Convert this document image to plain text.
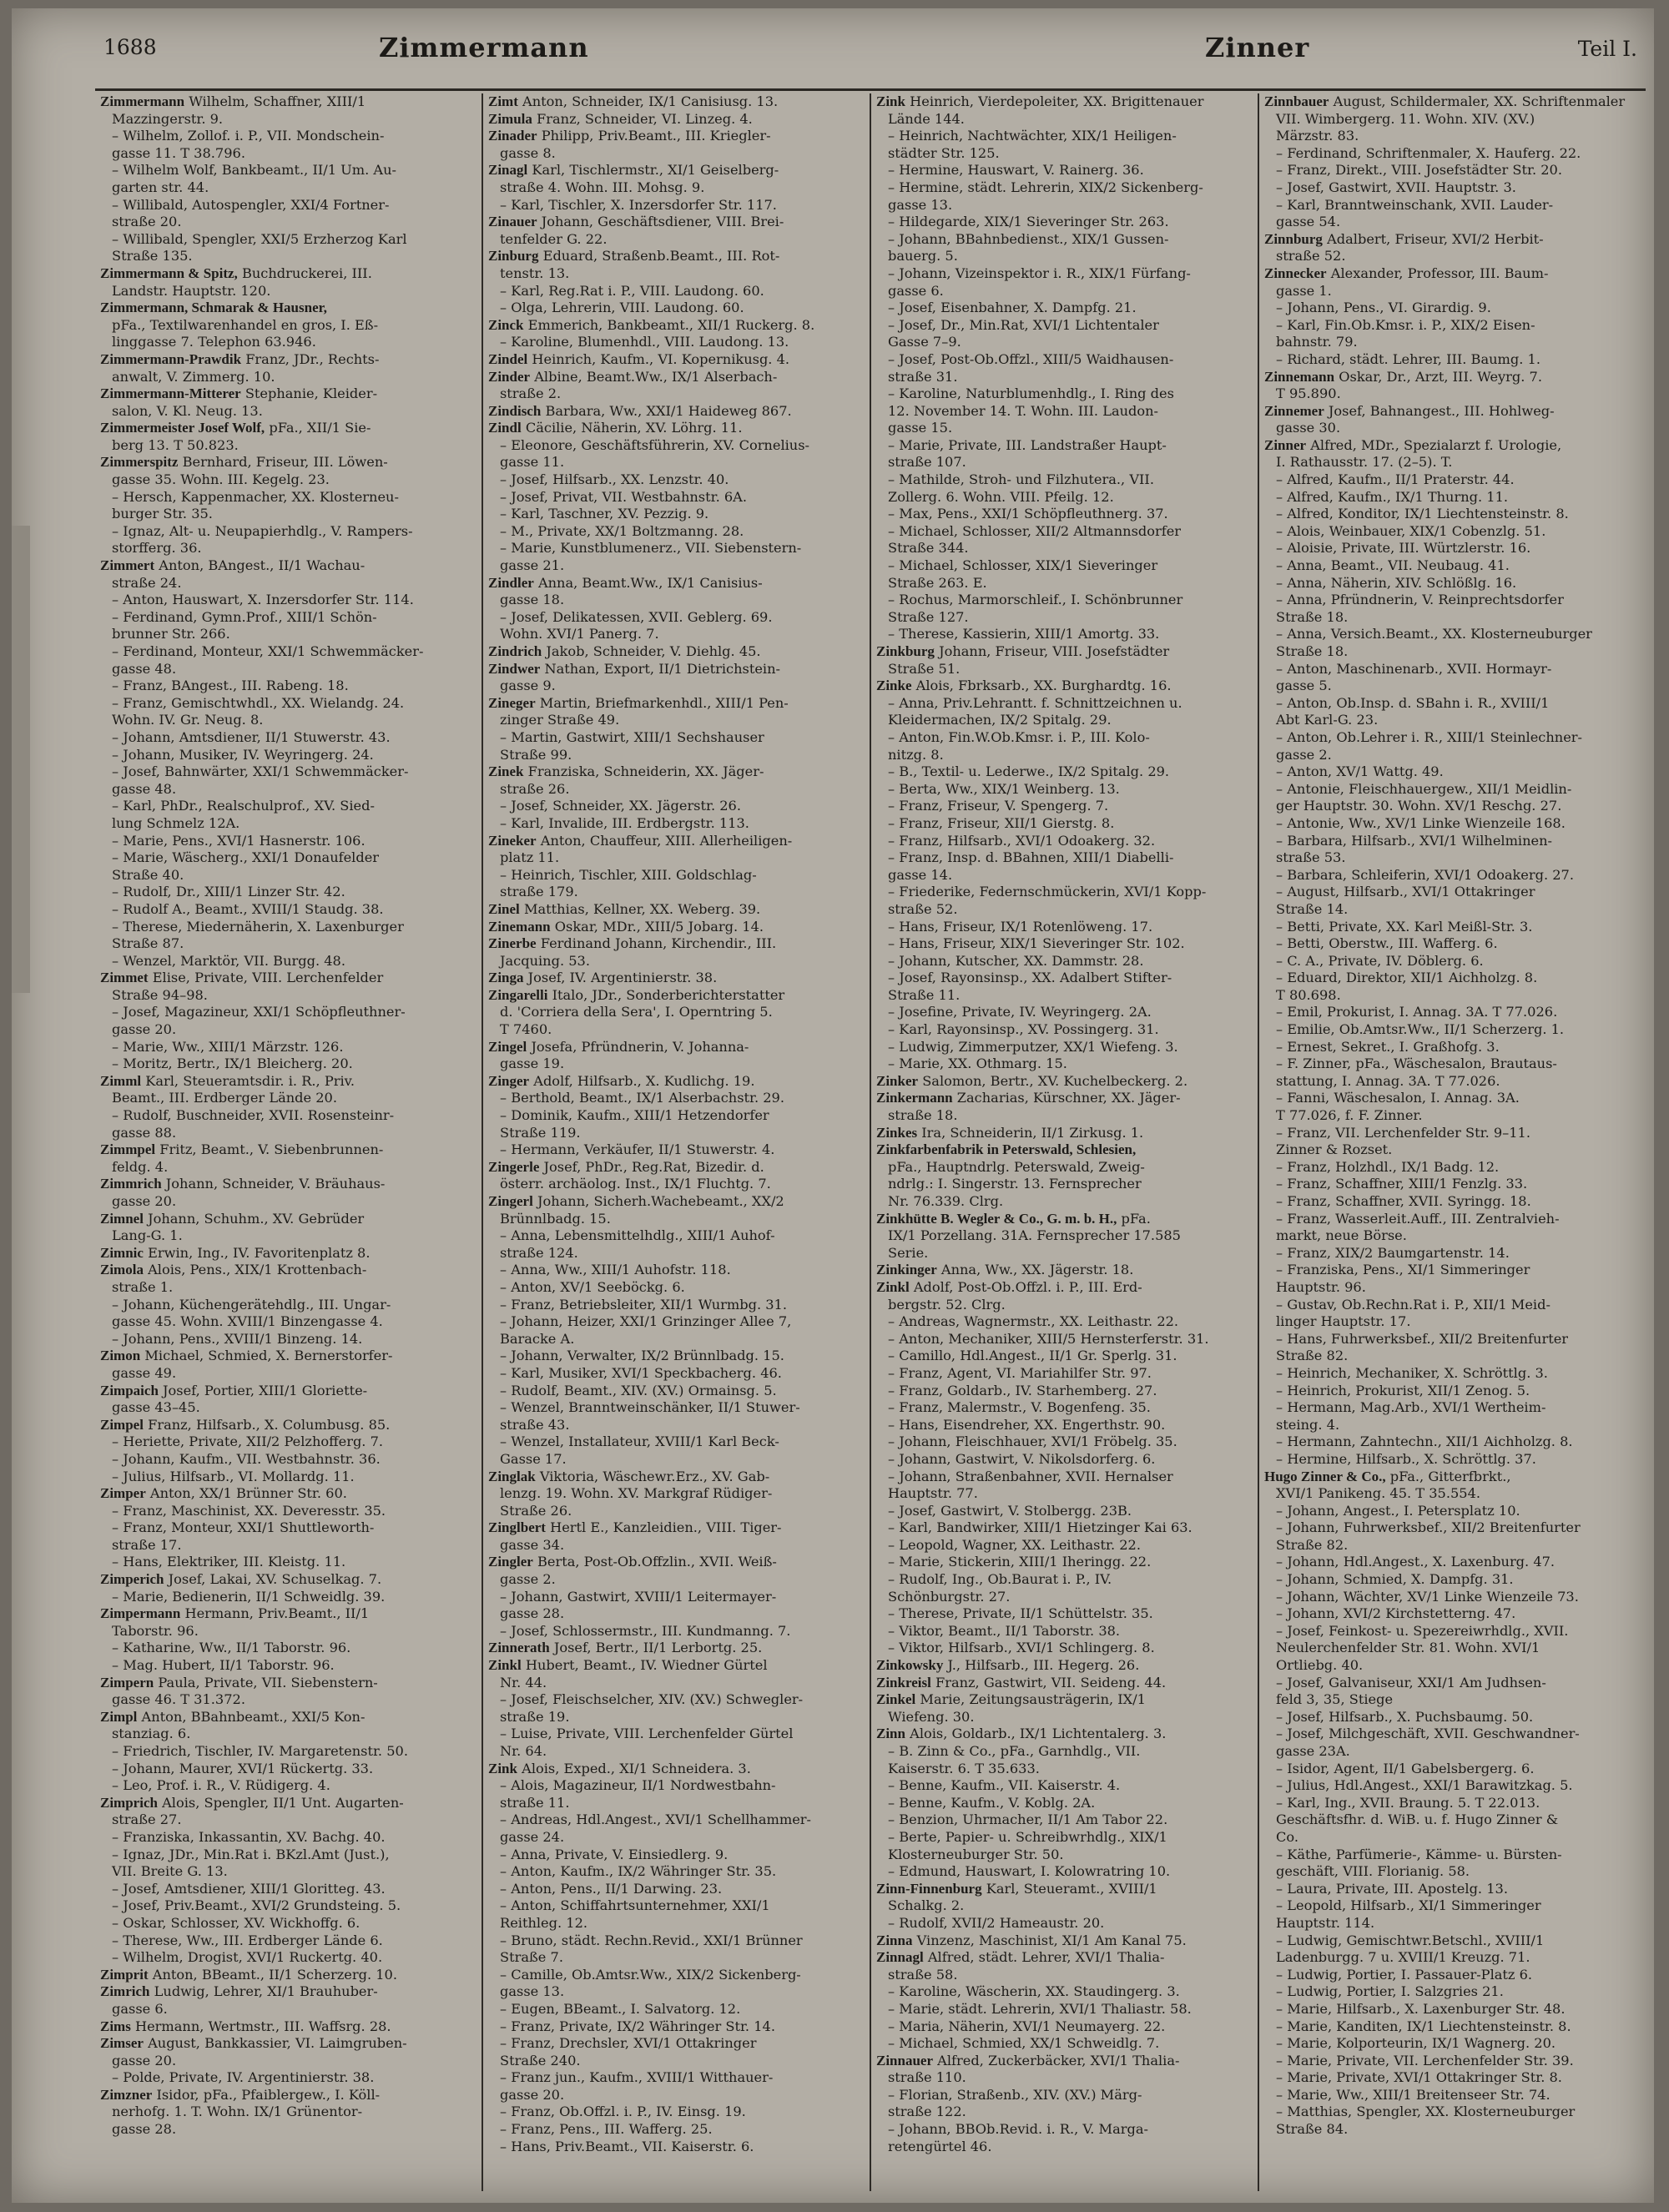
1688	Zimmermann	Zinner	Teil I.
Zimmermann Wilhelm, Schaffner, XIII/1
Mazzingerstr. 9.
– Wilhelm, Zollof. i. P., VII. Mondschein-
gasse 11. T 38.796.
– Wilhelm Wolf, Bankbeamt., II/1 Um. Au-
garten str. 44.
– Willibald, Autospengler, XXI/4 Fortner-
straße 20.
– Willibald, Spengler, XXI/5 Erzherzog Karl
Straße 135.
Zimmermann & Spitz, Buchdruckerei, III.
Landstr. Hauptstr. 120.
Zimmermann, Schmarak & Hausner,
pFa., Textilwarenhandel en gros, I. Eß-
linggasse 7. Telephon 63.946.
Zimmermann-Prawdik Franz, JDr., Rechts-
anwalt, V. Zimmerg. 10.
Zimmermann-Mitterer Stephanie, Kleider-
salon, V. Kl. Neug. 13.
Zimmermeister Josef Wolf, pFa., XII/1 Sie-
berg 13. T 50.823.
Zimmerspitz Bernhard, Friseur, III. Löwen-
gasse 35. Wohn. III. Kegelg. 23.
– Hersch, Kappenmacher, XX. Klosterneu-
burger Str. 35.
– Ignaz, Alt- u. Neupapierhdlg., V. Rampers-
storfferg. 36.
Zimmert Anton, BAngest., II/1 Wachau-
straße 24.
– Anton, Hauswart, X. Inzersdorfer Str. 114.
– Ferdinand, Gymn.Prof., XIII/1 Schön-
brunner Str. 266.
– Ferdinand, Monteur, XXI/1 Schwemmäcker-
gasse 48.
– Franz, BAngest., III. Rabeng. 18.
– Franz, Gemischtwhdl., XX. Wielandg. 24.
Wohn. IV. Gr. Neug. 8.
– Johann, Amtsdiener, II/1 Stuwerstr. 43.
– Johann, Musiker, IV. Weyringerg. 24.
– Josef, Bahnwärter, XXI/1 Schwemmäcker-
gasse 48.
– Karl, PhDr., Realschulprof., XV. Sied-
lung Schmelz 12A.
– Marie, Pens., XVI/1 Hasnerstr. 106.
– Marie, Wäscherg., XXI/1 Donaufelder
Straße 40.
– Rudolf, Dr., XIII/1 Linzer Str. 42.
– Rudolf A., Beamt., XVIII/1 Staudg. 38.
– Therese, Miedernäherin, X. Laxenburger
Straße 87.
– Wenzel, Marktör, VII. Burgg. 48.
Zimmet Elise, Private, VIII. Lerchenfelder
Straße 94–98.
– Josef, Magazineur, XXI/1 Schöpfleuthner-
gasse 20.
– Marie, Ww., XIII/1 Märzstr. 126.
– Moritz, Bertr., IX/1 Bleicherg. 20.
Zimml Karl, Steueramtsdir. i. R., Priv.
Beamt., III. Erdberger Lände 20.
– Rudolf, Buschneider, XVII. Rosensteinr-
gasse 88.
Zimmpel Fritz, Beamt., V. Siebenbrunnen-
feldg. 4.
Zimmrich Johann, Schneider, V. Bräuhaus-
gasse 20.
Zimnel Johann, Schuhm., XV. Gebrüder
Lang-G. 1.
Zimnic Erwin, Ing., IV. Favoritenplatz 8.
Zimola Alois, Pens., XIX/1 Krottenbach-
straße 1.
– Johann, Küchengerätehdlg., III. Ungar-
gasse 45. Wohn. XVIII/1 Binzengasse 4.
– Johann, Pens., XVIII/1 Binzeng. 14.
Zimon Michael, Schmied, X. Bernerstorfer-
gasse 49.
Zimpaich Josef, Portier, XIII/1 Gloriette-
gasse 43–45.
Zimpel Franz, Hilfsarb., X. Columbusg. 85.
– Heriette, Private, XII/2 Pelzhofferg. 7.
– Johann, Kaufm., VII. Westbahnstr. 36.
– Julius, Hilfsarb., VI. Mollardg. 11.
Zimper Anton, XX/1 Brünner Str. 60.
– Franz, Maschinist, XX. Deveresstr. 35.
– Franz, Monteur, XXI/1 Shuttleworth-
straße 17.
– Hans, Elektriker, III. Kleistg. 11.
Zimperich Josef, Lakai, XV. Schuselkag. 7.
– Marie, Bedienerin, II/1 Schweidlg. 39.
Zimpermann Hermann, Priv.Beamt., II/1
Taborstr. 96.
– Katharine, Ww., II/1 Taborstr. 96.
– Mag. Hubert, II/1 Taborstr. 96.
Zimpern Paula, Private, VII. Siebenstern-
gasse 46. T 31.372.
Zimpl Anton, BBahnbeamt., XXI/5 Kon-
stanziag. 6.
– Friedrich, Tischler, IV. Margaretenstr. 50.
– Johann, Maurer, XVI/1 Rückertg. 33.
– Leo, Prof. i. R., V. Rüdigerg. 4.
Zimprich Alois, Spengler, II/1 Unt. Augarten-
straße 27.
– Franziska, Inkassantin, XV. Bachg. 40.
– Ignaz, JDr., Min.Rat i. BKzl.Amt (Just.),
VII. Breite G. 13.
– Josef, Amtsdiener, XIII/1 Gloritteg. 43.
– Josef, Priv.Beamt., XVI/2 Grundsteing. 5.
– Oskar, Schlosser, XV. Wickhoffg. 6.
– Therese, Ww., III. Erdberger Lände 6.
– Wilhelm, Drogist, XVI/1 Ruckertg. 40.
Zimprit Anton, BBeamt., II/1 Scherzerg. 10.
Zimrich Ludwig, Lehrer, XI/1 Brauhuber-
gasse 6.
Zims Hermann, Wertmstr., III. Waffsrg. 28.
Zimser August, Bankkassier, VI. Laimgruben-
gasse 20.
– Polde, Private, IV. Argentinierstr. 38.
Zimzner Isidor, pFa., Pfaiblergew., I. Köll-
nerhofg. 1. T. Wohn. IX/1 Grünentor-
gasse 28.
Zimt Anton, Schneider, IX/1 Canisiusg. 13.
Zimula Franz, Schneider, VI. Linzeg. 4.
Zinader Philipp, Priv.Beamt., III. Kriegler-
gasse 8.
Zinagl Karl, Tischlermstr., XI/1 Geiselberg-
straße 4. Wohn. III. Mohsg. 9.
– Karl, Tischler, X. Inzersdorfer Str. 117.
Zinauer Johann, Geschäftsdiener, VIII. Brei-
tenfelder G. 22.
Zinburg Eduard, Straßenb.Beamt., III. Rot-
tenstr. 13.
– Karl, Reg.Rat i. P., VIII. Laudong. 60.
– Olga, Lehrerin, VIII. Laudong. 60.
Zinck Emmerich, Bankbeamt., XII/1 Ruckerg. 8.
– Karoline, Blumenhdl., VIII. Laudong. 13.
Zindel Heinrich, Kaufm., VI. Kopernikusg. 4.
Zinder Albine, Beamt.Ww., IX/1 Alserbach-
straße 2.
Zindisch Barbara, Ww., XXI/1 Haideweg 867.
Zindl Cäcilie, Näherin, XV. Löhrg. 11.
– Eleonore, Geschäftsführerin, XV. Cornelius-
gasse 11.
– Josef, Hilfsarb., XX. Lenzstr. 40.
– Josef, Privat, VII. Westbahnstr. 6A.
– Karl, Taschner, XV. Pezzig. 9.
– M., Private, XX/1 Boltzmanng. 28.
– Marie, Kunstblumenerz., VII. Siebenstern-
gasse 21.
Zindler Anna, Beamt.Ww., IX/1 Canisius-
gasse 18.
– Josef, Delikatessen, XVII. Geblerg. 69.
Wohn. XVI/1 Panerg. 7.
Zindrich Jakob, Schneider, V. Diehlg. 45.
Zindwer Nathan, Export, II/1 Dietrichstein-
gasse 9.
Zineger Martin, Briefmarkenhdl., XIII/1 Pen-
zinger Straße 49.
– Martin, Gastwirt, XIII/1 Sechshauser
Straße 99.
Zinek Franziska, Schneiderin, XX. Jäger-
straße 26.
– Josef, Schneider, XX. Jägerstr. 26.
– Karl, Invalide, III. Erdbergstr. 113.
Zineker Anton, Chauffeur, XIII. Allerheiligen-
platz 11.
– Heinrich, Tischler, XIII. Goldschlag-
straße 179.
Zinel Matthias, Kellner, XX. Weberg. 39.
Zinemann Oskar, MDr., XIII/5 Jobarg. 14.
Zinerbe Ferdinand Johann, Kirchendir., III.
Jacquing. 53.
Zinga Josef, IV. Argentinierstr. 38.
Zingarelli Italo, JDr., Sonderberichterstatter
d. 'Corriera della Sera', I. Operntring 5.
T 7460.
Zingel Josefa, Pfründnerin, V. Johanna-
gasse 19.
Zinger Adolf, Hilfsarb., X. Kudlichg. 19.
– Berthold, Beamt., IX/1 Alserbachstr. 29.
– Dominik, Kaufm., XIII/1 Hetzendorfer
Straße 119.
– Hermann, Verkäufer, II/1 Stuwerstr. 4.
Zingerle Josef, PhDr., Reg.Rat, Bizedir. d.
österr. archäolog. Inst., IX/1 Fluchtg. 7.
Zingerl Johann, Sicherh.Wachebeamt., XX/2
Brünnlbadg. 15.
– Anna, Lebensmittelhdlg., XIII/1 Auhof-
straße 124.
– Anna, Ww., XIII/1 Auhofstr. 118.
– Anton, XV/1 Seeböckg. 6.
– Franz, Betriebsleiter, XII/1 Wurmbg. 31.
– Johann, Heizer, XXI/1 Grinzinger Allee 7,
Baracke A.
– Johann, Verwalter, IX/2 Brünnlbadg. 15.
– Karl, Musiker, XVI/1 Speckbacherg. 46.
– Rudolf, Beamt., XIV. (XV.) Ormainsg. 5.
– Wenzel, Branntweinschänker, II/1 Stuwer-
straße 43.
– Wenzel, Installateur, XVIII/1 Karl Beck-
Gasse 17.
Zinglak Viktoria, Wäschewr.Erz., XV. Gab-
lenzg. 19. Wohn. XV. Markgraf Rüdiger-
Straße 26.
Zinglbert Hertl E., Kanzleidien., VIII. Tiger-
gasse 34.
Zingler Berta, Post-Ob.Offzlin., XVII. Weiß-
gasse 2.
– Johann, Gastwirt, XVIII/1 Leitermayer-
gasse 28.
– Josef, Schlossermstr., III. Kundmanng. 7.
Zinnerath Josef, Bertr., II/1 Lerbortg. 25.
Zinkl Hubert, Beamt., IV. Wiedner Gürtel
Nr. 44.
– Josef, Fleischselcher, XIV. (XV.) Schwegler-
straße 19.
– Luise, Private, VIII. Lerchenfelder Gürtel
Nr. 64.
Zink Alois, Exped., XI/1 Schneidera. 3.
– Alois, Magazineur, II/1 Nordwestbahn-
straße 11.
– Andreas, Hdl.Angest., XVI/1 Schellhammer-
gasse 24.
– Anna, Private, V. Einsiedlerg. 9.
– Anton, Kaufm., IX/2 Währinger Str. 35.
– Anton, Pens., II/1 Darwing. 23.
– Anton, Schiffahrtsunternehmer, XXI/1
Reithleg. 12.
– Bruno, städt. Rechn.Revid., XXI/1 Brünner
Straße 7.
– Camille, Ob.Amtsr.Ww., XIX/2 Sickenberg-
gasse 13.
– Eugen, BBeamt., I. Salvatorg. 12.
– Franz, Private, IX/2 Währinger Str. 14.
– Franz, Drechsler, XVI/1 Ottakringer
Straße 240.
– Franz jun., Kaufm., XVIII/1 Witthauer-
gasse 20.
– Franz, Ob.Offzl. i. P., IV. Einsg. 19.
– Franz, Pens., III. Wafferg. 25.
– Hans, Priv.Beamt., VII. Kaiserstr. 6.
Zink Heinrich, Vierdepoleiter, XX. Brigittenauer
Lände 144.
– Heinrich, Nachtwächter, XIX/1 Heiligen-
städter Str. 125.
– Hermine, Hauswart, V. Rainerg. 36.
– Hermine, städt. Lehrerin, XIX/2 Sickenberg-
gasse 13.
– Hildegarde, XIX/1 Sieveringer Str. 263.
– Johann, BBahnbedienst., XIX/1 Gussen-
bauerg. 5.
– Johann, Vizeinspektor i. R., XIX/1 Fürfang-
gasse 6.
– Josef, Eisenbahner, X. Dampfg. 21.
– Josef, Dr., Min.Rat, XVI/1 Lichtentaler
Gasse 7–9.
– Josef, Post-Ob.Offzl., XIII/5 Waidhausen-
straße 31.
– Karoline, Naturblumenhdlg., I. Ring des
12. November 14. T. Wohn. III. Laudon-
gasse 15.
– Marie, Private, III. Landstraßer Haupt-
straße 107.
– Mathilde, Stroh- und Filzhutera., VII.
Zollerg. 6. Wohn. VIII. Pfeilg. 12.
– Max, Pens., XXI/1 Schöpfleuthnerg. 37.
– Michael, Schlosser, XII/2 Altmannsdorfer
Straße 344.
– Michael, Schlosser, XIX/1 Sieveringer
Straße 263. E.
– Rochus, Marmorschleif., I. Schönbrunner
Straße 127.
– Therese, Kassierin, XIII/1 Amortg. 33.
Zinkburg Johann, Friseur, VIII. Josefstädter
Straße 51.
Zinke Alois, Fbrksarb., XX. Burghardtg. 16.
– Anna, Priv.Lehrantt. f. Schnittzeichnen u.
Kleidermachen, IX/2 Spitalg. 29.
– Anton, Fin.W.Ob.Kmsr. i. P., III. Kolo-
nitzg. 8.
– B., Textil- u. Lederwe., IX/2 Spitalg. 29.
– Berta, Ww., XIX/1 Weinberg. 13.
– Franz, Friseur, V. Spengerg. 7.
– Franz, Friseur, XII/1 Gierstg. 8.
– Franz, Hilfsarb., XVI/1 Odoakerg. 32.
– Franz, Insp. d. BBahnen, XIII/1 Diabelli-
gasse 14.
– Friederike, Federnschmückerin, XVI/1 Kopp-
straße 52.
– Hans, Friseur, IX/1 Rotenlöweng. 17.
– Hans, Friseur, XIX/1 Sieveringer Str. 102.
– Johann, Kutscher, XX. Dammstr. 28.
– Josef, Rayonsinsp., XX. Adalbert Stifter-
Straße 11.
– Josefine, Private, IV. Weyringerg. 2A.
– Karl, Rayonsinsp., XV. Possingerg. 31.
– Ludwig, Zimmerputzer, XX/1 Wiefeng. 3.
– Marie, XX. Othmarg. 15.
Zinker Salomon, Bertr., XV. Kuchelbeckerg. 2.
Zinkermann Zacharias, Kürschner, XX. Jäger-
straße 18.
Zinkes Ira, Schneiderin, II/1 Zirkusg. 1.
Zinkfarbenfabrik in Peterswald, Schlesien,
pFa., Hauptndrlg. Peterswald, Zweig-
ndrlg.: I. Singerstr. 13. Fernsprecher
Nr. 76.339. Clrg.
Zinkhütte B. Wegler & Co., G. m. b. H., pFa.
IX/1 Porzellang. 31A. Fernsprecher 17.585
Serie.
Zinkinger Anna, Ww., XX. Jägerstr. 18.
Zinkl Adolf, Post-Ob.Offzl. i. P., III. Erd-
bergstr. 52. Clrg.
– Andreas, Wagnermstr., XX. Leithastr. 22.
– Anton, Mechaniker, XIII/5 Hernsterferstr. 31.
– Camillo, Hdl.Angest., II/1 Gr. Sperlg. 31.
– Franz, Agent, VI. Mariahilfer Str. 97.
– Franz, Goldarb., IV. Starhemberg. 27.
– Franz, Malermstr., V. Bogenfeng. 35.
– Hans, Eisendreher, XX. Engerthstr. 90.
– Johann, Fleischhauer, XVI/1 Fröbelg. 35.
– Johann, Gastwirt, V. Nikolsdorferg. 6.
– Johann, Straßenbahner, XVII. Hernalser
Hauptstr. 77.
– Josef, Gastwirt, V. Stolbergg. 23B.
– Karl, Bandwirker, XIII/1 Hietzinger Kai 63.
– Leopold, Wagner, XX. Leithastr. 22.
– Marie, Stickerin, XIII/1 Iheringg. 22.
– Rudolf, Ing., Ob.Baurat i. P., IV.
Schönburgstr. 27.
– Therese, Private, II/1 Schüttelstr. 35.
– Viktor, Beamt., II/1 Taborstr. 38.
– Viktor, Hilfsarb., XVI/1 Schlingerg. 8.
Zinkowsky J., Hilfsarb., III. Hegerg. 26.
Zinkreisl Franz, Gastwirt, VII. Seideng. 44.
Zinkel Marie, Zeitungsausträgerin, IX/1
Wiefeng. 30.
Zinn Alois, Goldarb., IX/1 Lichtentalerg. 3.
– B. Zinn & Co., pFa., Garnhdlg., VII.
Kaiserstr. 6. T 35.633.
– Benne, Kaufm., VII. Kaiserstr. 4.
– Benne, Kaufm., V. Koblg. 2A.
– Benzion, Uhrmacher, II/1 Am Tabor 22.
– Berte, Papier- u. Schreibwrhdlg., XIX/1
Klosterneuburger Str. 50.
– Edmund, Hauswart, I. Kolowratring 10.
Zinn-Finnenburg Karl, Steueramt., XVIII/1
Schalkg. 2.
– Rudolf, XVII/2 Hameaustr. 20.
Zinna Vinzenz, Maschinist, XI/1 Am Kanal 75.
Zinnagl Alfred, städt. Lehrer, XVI/1 Thalia-
straße 58.
– Karoline, Wäscherin, XX. Staudingerg. 3.
– Marie, städt. Lehrerin, XVI/1 Thaliastr. 58.
– Maria, Näherin, XVI/1 Neumayerg. 22.
– Michael, Schmied, XX/1 Schweidlg. 7.
Zinnauer Alfred, Zuckerbäcker, XVI/1 Thalia-
straße 110.
– Florian, Straßenb., XIV. (XV.) Märg-
straße 122.
– Johann, BBOb.Revid. i. R., V. Marga-
retengürtel 46.
Zinnbauer August, Schildermaler, XX. Schriftenmaler
VII. Wimbergerg. 11. Wohn. XIV. (XV.)
Märzstr. 83.
– Ferdinand, Schriftenmaler, X. Hauferg. 22.
– Franz, Direkt., VIII. Josefstädter Str. 20.
– Josef, Gastwirt, XVII. Hauptstr. 3.
– Karl, Branntweinschank, XVII. Lauder-
gasse 54.
Zinnburg Adalbert, Friseur, XVI/2 Herbit-
straße 52.
Zinnecker Alexander, Professor, III. Baum-
gasse 1.
– Johann, Pens., VI. Girardig. 9.
– Karl, Fin.Ob.Kmsr. i. P., XIX/2 Eisen-
bahnstr. 79.
– Richard, städt. Lehrer, III. Baumg. 1.
Zinnemann Oskar, Dr., Arzt, III. Weyrg. 7.
T 95.890.
Zinnemer Josef, Bahnangest., III. Hohlweg-
gasse 30.
Zinner Alfred, MDr., Spezialarzt f. Urologie,
I. Rathausstr. 17. (2–5). T.
– Alfred, Kaufm., II/1 Praterstr. 44.
– Alfred, Kaufm., IX/1 Thurng. 11.
– Alfred, Konditor, IX/1 Liechtensteinstr. 8.
– Alois, Weinbauer, XIX/1 Cobenzlg. 51.
– Aloisie, Private, III. Würtzlerstr. 16.
– Anna, Beamt., VII. Neubaug. 41.
– Anna, Näherin, XIV. Schlößlg. 16.
– Anna, Pfründnerin, V. Reinprechtsdorfer
Straße 18.
– Anna, Versich.Beamt., XX. Klosterneuburger
Straße 18.
– Anton, Maschinenarb., XVII. Hormayr-
gasse 5.
– Anton, Ob.Insp. d. SBahn i. R., XVIII/1
Abt Karl-G. 23.
– Anton, Ob.Lehrer i. R., XIII/1 Steinlechner-
gasse 2.
– Anton, XV/1 Wattg. 49.
– Antonie, Fleischhauergew., XII/1 Meidlin-
ger Hauptstr. 30. Wohn. XV/1 Reschg. 27.
– Antonie, Ww., XV/1 Linke Wienzeile 168.
– Barbara, Hilfsarb., XVI/1 Wilhelminen-
straße 53.
– Barbara, Schleiferin, XVI/1 Odoakerg. 27.
– August, Hilfsarb., XVI/1 Ottakringer
Straße 14.
– Betti, Private, XX. Karl Meißl-Str. 3.
– Betti, Oberstw., III. Wafferg. 6.
– C. A., Private, IV. Döblerg. 6.
– Eduard, Direktor, XII/1 Aichholzg. 8.
T 80.698.
– Emil, Prokurist, I. Annag. 3A. T 77.026.
– Emilie, Ob.Amtsr.Ww., II/1 Scherzerg. 1.
– Ernest, Sekret., I. Graßhofg. 3.
– F. Zinner, pFa., Wäschesalon, Brautaus-
stattung, I. Annag. 3A. T 77.026.
– Fanni, Wäschesalon, I. Annag. 3A.
T 77.026, f. F. Zinner.
– Franz, VII. Lerchenfelder Str. 9–11.
Zinner & Rozset.
– Franz, Holzhdl., IX/1 Badg. 12.
– Franz, Schaffner, XIII/1 Fenzlg. 33.
– Franz, Schaffner, XVII. Syringg. 18.
– Franz, Wasserleit.Auff., III. Zentralvieh-
markt, neue Börse.
– Franz, XIX/2 Baumgartenstr. 14.
– Franziska, Pens., XI/1 Simmeringer
Hauptstr. 96.
– Gustav, Ob.Rechn.Rat i. P., XII/1 Meid-
linger Hauptstr. 17.
– Hans, Fuhrwerksbef., XII/2 Breitenfurter
Straße 82.
– Heinrich, Mechaniker, X. Schröttlg. 3.
– Heinrich, Prokurist, XII/1 Zenog. 5.
– Hermann, Mag.Arb., XVI/1 Wertheim-
steing. 4.
– Hermann, Zahntechn., XII/1 Aichholzg. 8.
– Hermine, Hilfsarb., X. Schröttlg. 37.
Hugo Zinner & Co., pFa., Gitterfbrkt.,
XVI/1 Panikeng. 45. T 35.554.
– Johann, Angest., I. Petersplatz 10.
– Johann, Fuhrwerksbef., XII/2 Breitenfurter
Straße 82.
– Johann, Hdl.Angest., X. Laxenburg. 47.
– Johann, Schmied, X. Dampfg. 31.
– Johann, Wächter, XV/1 Linke Wienzeile 73.
– Johann, XVI/2 Kirchstetterng. 47.
– Josef, Feinkost- u. Spezereiwrhdlg., XVII.
Neulerchenfelder Str. 81. Wohn. XVI/1
Ortliebg. 40.
– Josef, Galvaniseur, XXI/1 Am Judhsen-
feld 3, 35, Stiege
– Josef, Hilfsarb., X. Puchsbaumg. 50.
– Josef, Milchgeschäft, XVII. Geschwandner-
gasse 23A.
– Isidor, Agent, II/1 Gabelsbergerg. 6.
– Julius, Hdl.Angest., XXI/1 Barawitzkag. 5.
– Karl, Ing., XVII. Braung. 5. T 22.013.
Geschäftsfhr. d. WiB. u. f. Hugo Zinner &
Co.
– Käthe, Parfümerie-, Kämme- u. Bürsten-
geschäft, VIII. Florianig. 58.
– Laura, Private, III. Apostelg. 13.
– Leopold, Hilfsarb., XI/1 Simmeringer
Hauptstr. 114.
– Ludwig, Gemischtwr.Betschl., XVIII/1
Ladenburgg. 7 u. XVIII/1 Kreuzg. 71.
– Ludwig, Portier, I. Passauer-Platz 6.
– Ludwig, Portier, I. Salzgries 21.
– Marie, Hilfsarb., X. Laxenburger Str. 48.
– Marie, Kanditen, IX/1 Liechtensteinstr. 8.
– Marie, Kolporteurin, IX/1 Wagnerg. 20.
– Marie, Private, VII. Lerchenfelder Str. 39.
– Marie, Private, XVI/1 Ottakringer Str. 8.
– Marie, Ww., XIII/1 Breitenseer Str. 74.
– Matthias, Spengler, XX. Klosterneuburger
Straße 84.
